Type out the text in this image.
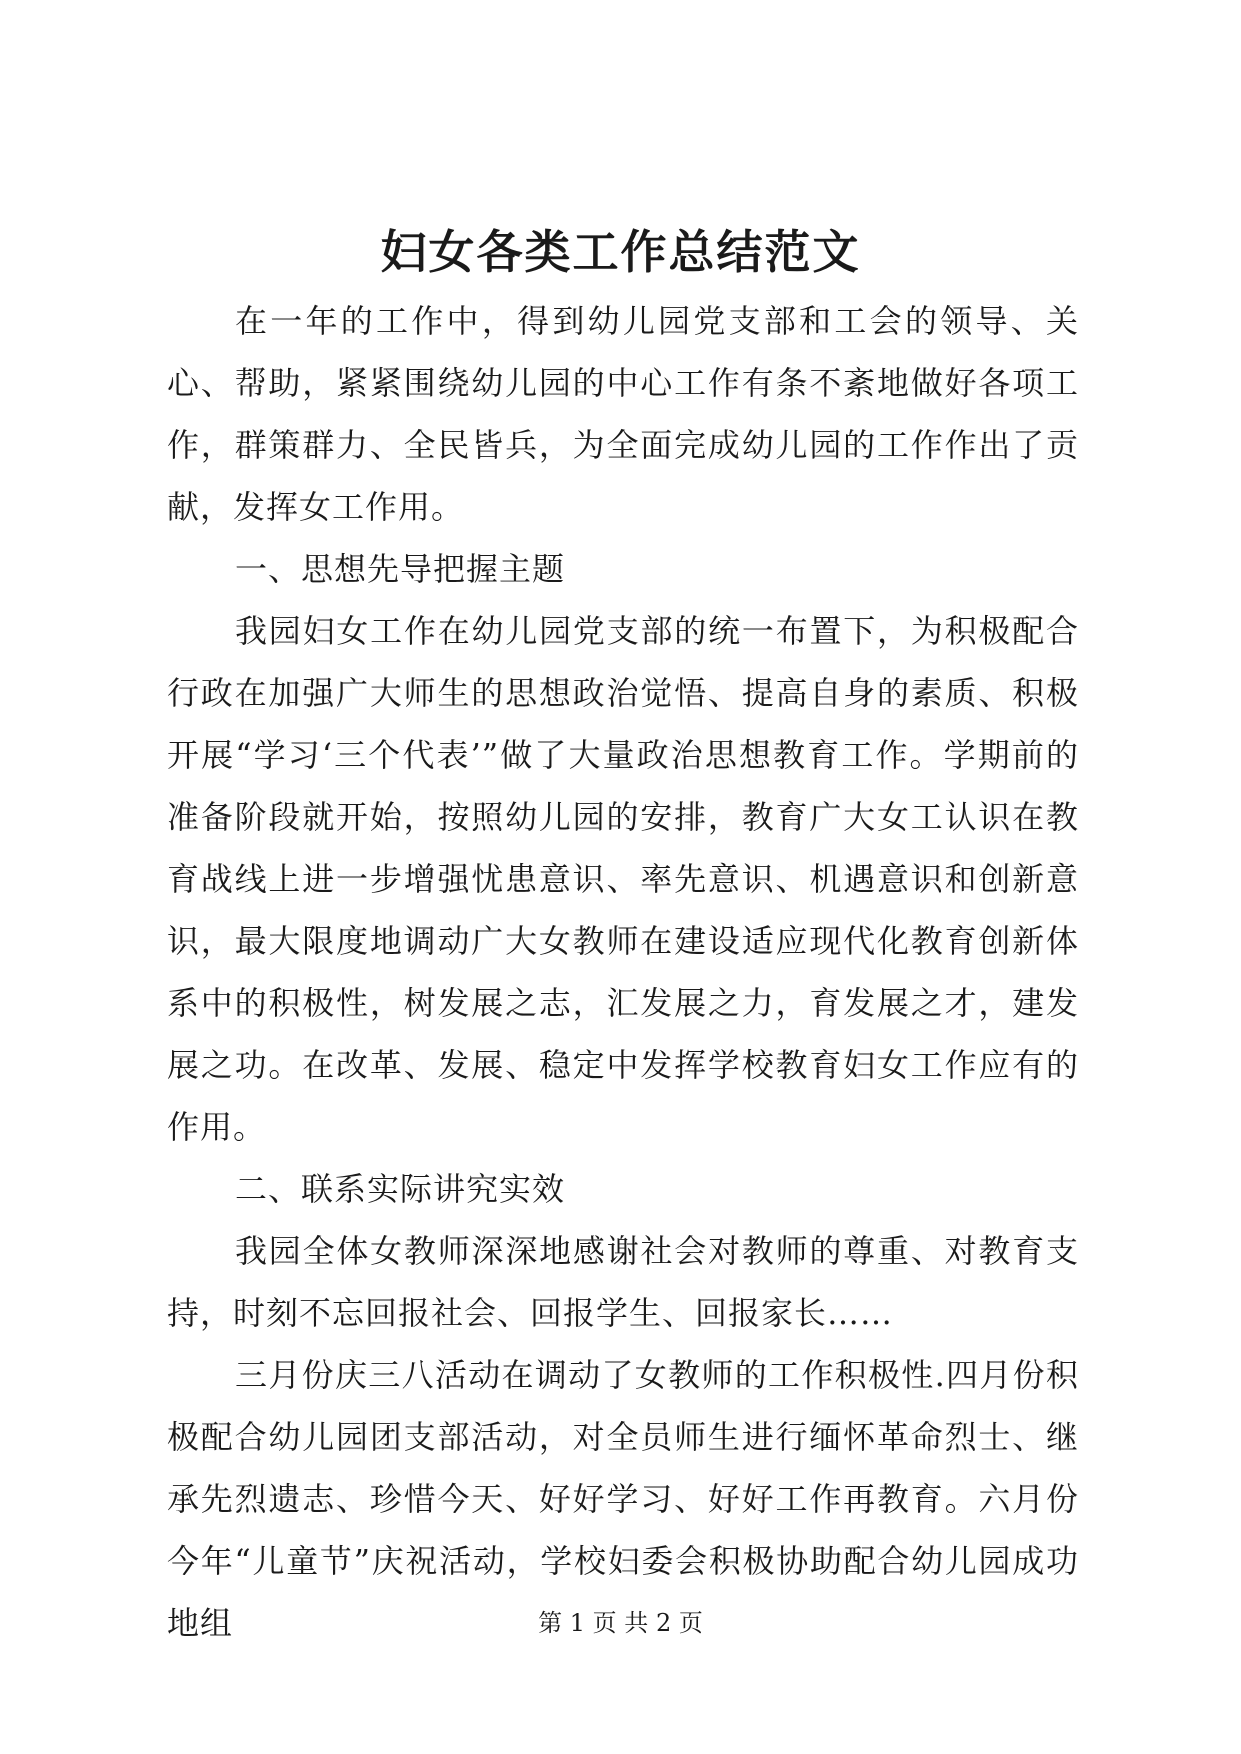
妇女各类工作总结范文

在一年的工作中，得到幼儿园党支部和工会的领导、关心、帮助，紧紧围绕幼儿园的中心工作有条不紊地做好各项工作，群策群力、全民皆兵，为全面完成幼儿园的工作作出了贡献，发挥女工作用。

一、思想先导把握主题

我园妇女工作在幼儿园党支部的统一布置下，为积极配合行政在加强广大师生的思想政治觉悟、提高自身的素质、积极开展“学习‘三个代表’”做了大量政治思想教育工作。学期前的准备阶段就开始，按照幼儿园的安排，教育广大女工认识在教育战线上进一步增强忧患意识、率先意识、机遇意识和创新意识，最大限度地调动广大女教师在建设适应现代化教育创新体系中的积极性，树发展之志，汇发展之力，育发展之才，建发展之功。在改革、发展、稳定中发挥学校教育妇女工作应有的作用。

二、联系实际讲究实效

我园全体女教师深深地感谢社会对教师的尊重、对教育支持，时刻不忘回报社会、回报学生、回报家长……

三月份庆三八活动在调动了女教师的工作积极性.四月份积极配合幼儿园团支部活动，对全员师生进行缅怀革命烈士、继承先烈遗志、珍惜今天、好好学习、好好工作再教育。六月份今年“儿童节”庆祝活动，学校妇委会积极协助配合幼儿园成功地组	第 1 页 共 2 页
